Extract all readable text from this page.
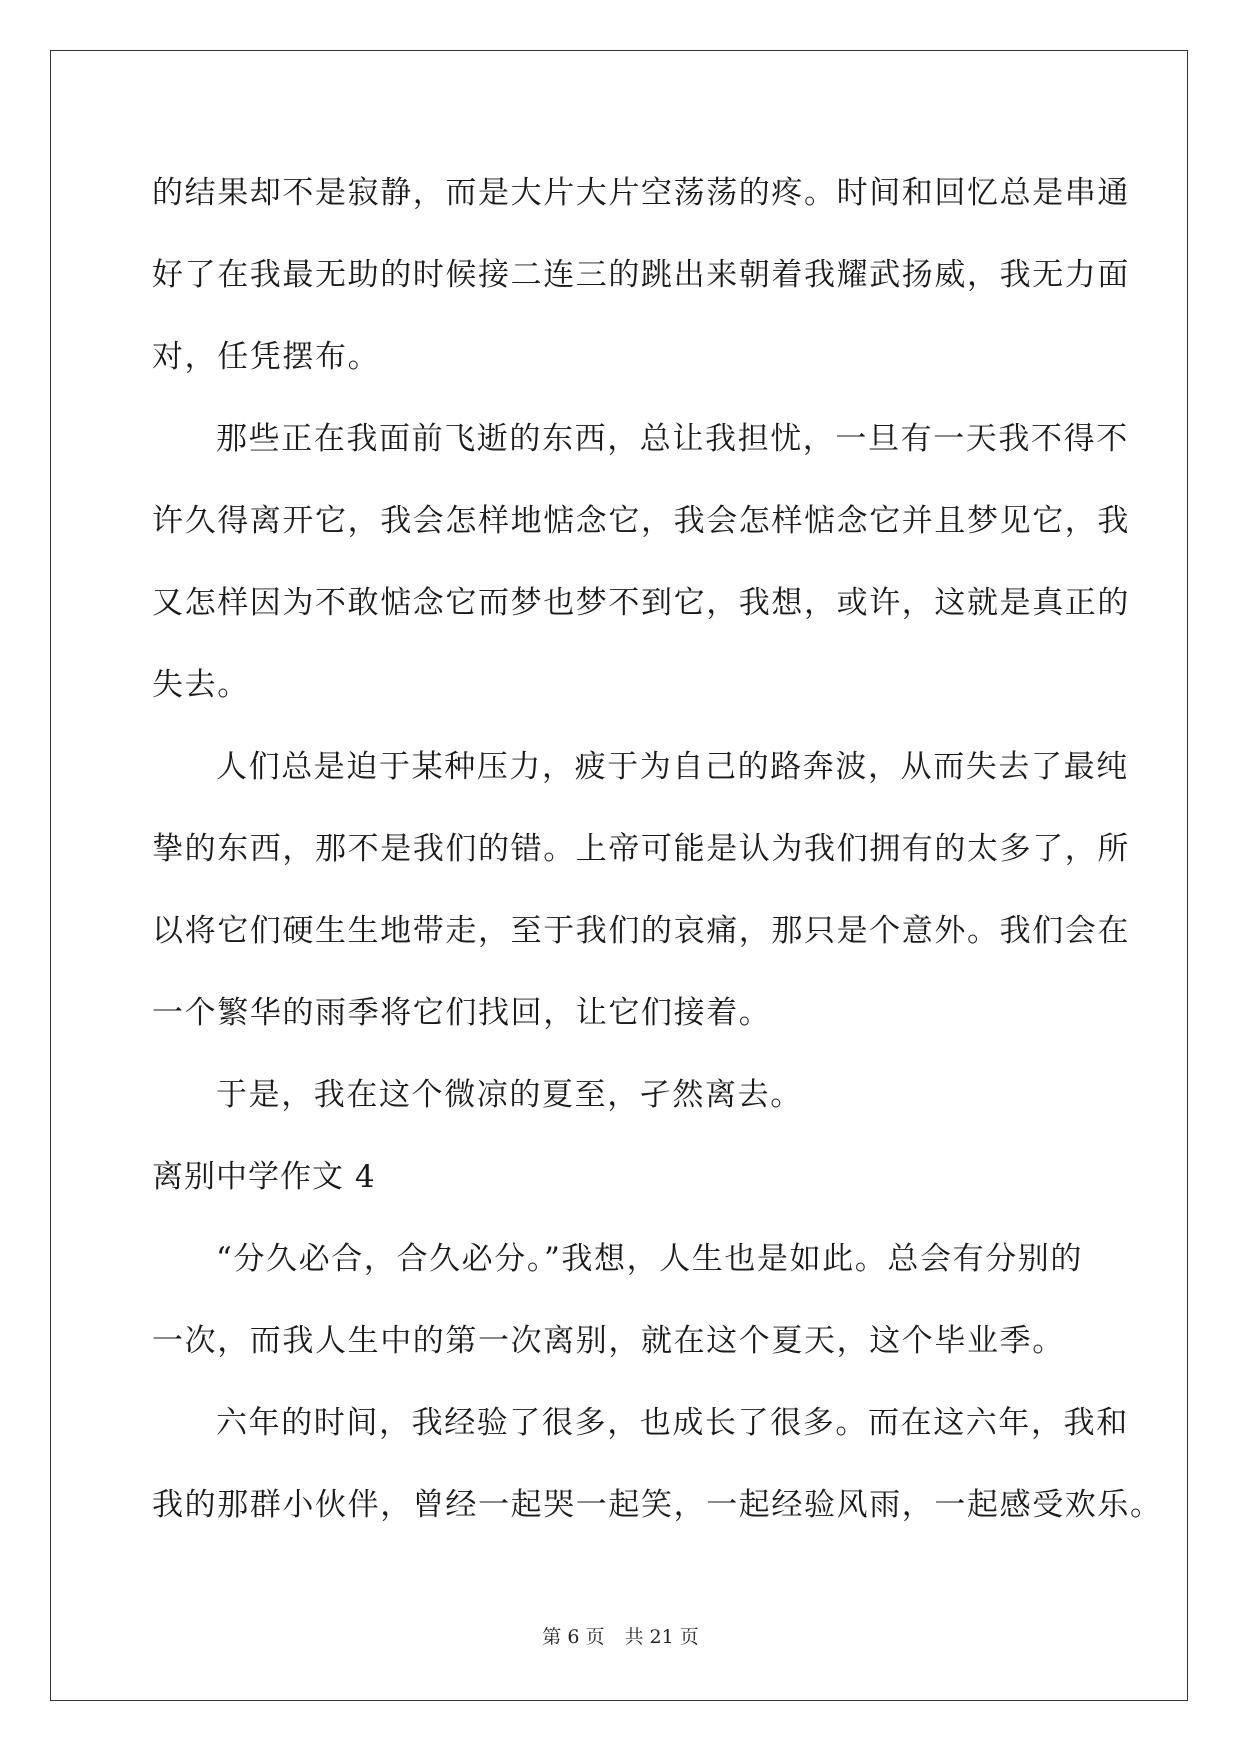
的结果却不是寂静，而是大片大片空荡荡的疼。时间和回忆总是串通

好了在我最无助的时候接二连三的跳出来朝着我耀武扬威，我无力面

对，任凭摆布。

那些正在我面前飞逝的东西，总让我担忧，一旦有一天我不得不

许久得离开它，我会怎样地惦念它，我会怎样惦念它并且梦见它，我

又怎样因为不敢惦念它而梦也梦不到它，我想，或许，这就是真正的

失去。

人们总是迫于某种压力，疲于为自己的路奔波，从而失去了最纯

挚的东西，那不是我们的错。上帝可能是认为我们拥有的太多了，所

以将它们硬生生地带走，至于我们的哀痛，那只是个意外。我们会在

一个繁华的雨季将它们找回，让它们接着。

于是，我在这个微凉的夏至，孑然离去。

离别中学作文 4

“分久必合，合久必分。”我想，人生也是如此。总会有分别的

一次，而我人生中的第一次离别，就在这个夏天，这个毕业季。

六年的时间，我经验了很多，也成长了很多。而在这六年，我和

我的那群小伙伴，曾经一起哭一起笑，一起经验风雨，一起感受欢乐。

第 6 页 共 21 页
